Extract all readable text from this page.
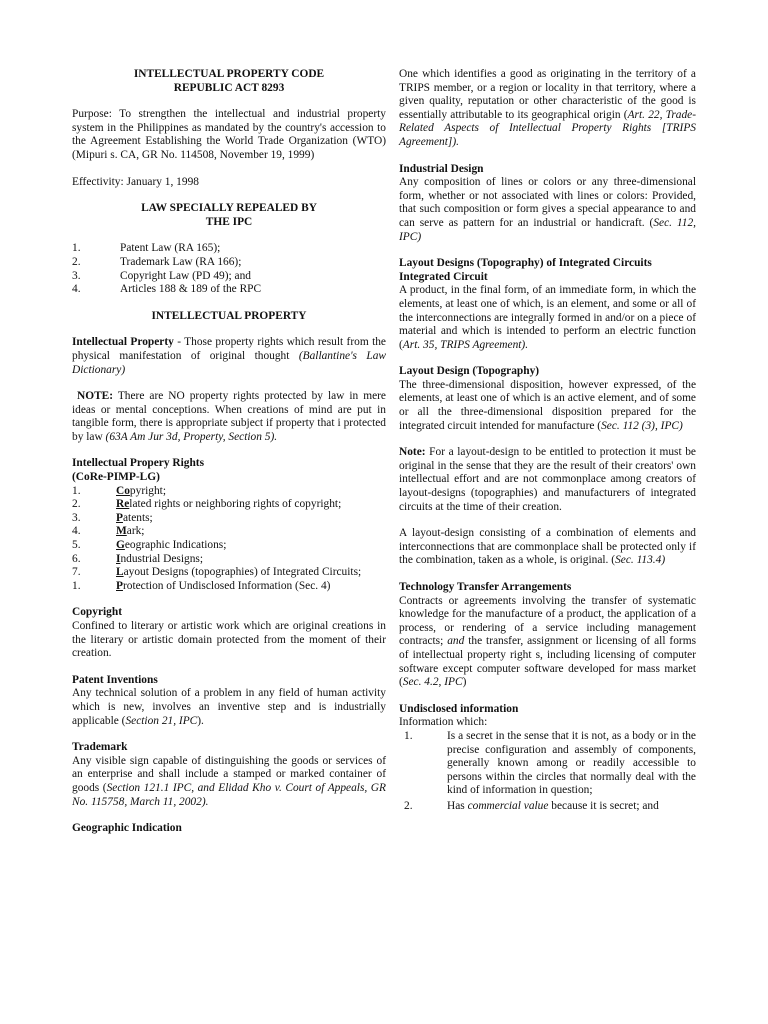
INTELLECTUAL PROPERTY CODE

REPUBLIC ACT 8293

Purpose: To strengthen the intellectual and industrial property system in the Philippines as mandated by the country's accession to the Agreement Establishing the World Trade Organization (WTO) (Mipuri s. CA, GR No. 114508, November 19, 1999)

Effectivity: January 1, 1998

LAW SPECIALLY REPEALED BY

THE IPC

1.	Patent Law (RA 165);
2.	Trademark Law (RA 166);
3.	Copyright Law (PD 49); and
4.	Articles 188 & 189 of the RPC

INTELLECTUAL PROPERTY

Intellectual Property - Those property rights which result from the physical manifestation of original thought (Ballantine's Law Dictionary)

NOTE: There are NO property rights protected by law in mere ideas or mental conceptions. When creations of mind are put in tangible form, there is appropriate subject if property that i protected by law (63A Am Jur 3d, Property, Section 5).

Intellectual Propery Rights

(CoRe-PIMP-LG)

1.	Copyright;
2.	Related rights or neighboring rights of copyright;
3.	Patents;
4.	Mark;
5.	Geographic Indications;
6.	Industrial Designs;
7.	Layout Designs (topographies) of Integrated Circuits;
1.	Protection of Undisclosed Information (Sec. 4)

Copyright

Confined to literary or artistic work which are original creations in the literary or artistic domain protected from the moment of their creation.

Patent Inventions

Any technical solution of a problem in any field of human activity which is new, involves an inventive step and is industrially applicable (Section 21, IPC).

Trademark

Any visible sign capable of distinguishing the goods or services of an enterprise and shall include a stamped or marked container of goods (Section 121.1 IPC, and Elidad Kho v. Court of Appeals, GR No. 115758, March 11, 2002).

Geographic Indication

One which identifies a good as originating in the territory of a TRIPS member, or a region or locality in that territory, where a given quality, reputation or other characteristic of the good is essentially attributable to its geographical origin (Art. 22, Trade-Related Aspects of Intellectual Property Rights [TRIPS Agreement]).

Industrial Design

Any composition of lines or colors or any three-dimensional form, whether or not associated with lines or colors: Provided, that such composition or form gives a special appearance to and can serve as pattern for an industrial or handicraft. (Sec. 112, IPC)

Layout Designs (Topography) of Integrated Circuits

Integrated Circuit

A product, in the final form, of an immediate form, in which the elements, at least one of which, is an element, and some or all of the interconnections are integrally formed in and/or on a piece of material and which is intended to perform an electric function (Art. 35, TRIPS Agreement).

Layout Design (Topography)

The three-dimensional disposition, however expressed, of the elements, at least one of which is an active element, and of some or all the three-dimensional disposition prepared for the integrated circuit intended for manufacture (Sec. 112 (3), IPC)

Note: For a layout-design to be entitled to protection it must be original in the sense that they are the result of their creators' own intellectual effort and are not commonplace among creators of layout-designs (topographies) and manufacturers of integrated circuits at the time of their creation.

A layout-design consisting of a combination of elements and interconnections that are commonplace shall be protected only if the combination, taken as a whole, is original. (Sec. 113.4)

Technology Transfer Arrangements

Contracts or agreements involving the transfer of systematic knowledge for the manufacture of a product, the application of a process, or rendering of a service including management contracts; and the transfer, assignment or licensing of all forms of intellectual property right s, including licensing of computer software except computer software developed for mass market (Sec. 4.2, IPC)

Undisclosed information

Information which:

1.	Is a secret in the sense that it is not, as a body or in the precise configuration and assembly of components, generally known among or readily accessible to persons within the circles that normally deal with the kind of information in question;
2.	Has commercial value because it is secret; and
